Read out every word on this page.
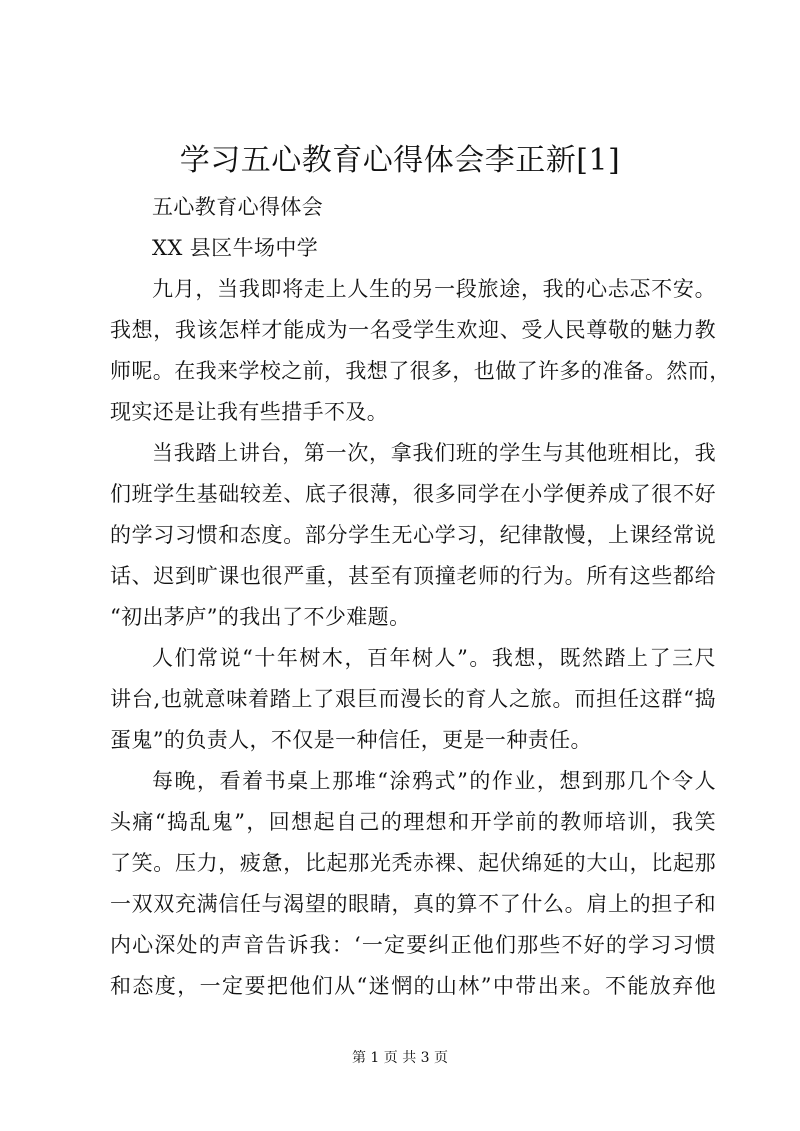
学习五心教育心得体会李正新[1]
五心教育心得体会
XX 县区牛场中学
九月，当我即将走上人生的另一段旅途，我的心忐忑不安。
我想，我该怎样才能成为一名受学生欢迎、受人民尊敬的魅力教
师呢。在我来学校之前，我想了很多，也做了许多的准备。然而，
现实还是让我有些措手不及。
当我踏上讲台，第一次，拿我们班的学生与其他班相比，我
们班学生基础较差、底子很薄，很多同学在小学便养成了很不好
的学习习惯和态度。部分学生无心学习，纪律散慢，上课经常说
话、迟到旷课也很严重，甚至有顶撞老师的行为。所有这些都给
“初出茅庐”的我出了不少难题。
人们常说“十年树木，百年树人”。我想，既然踏上了三尺
讲台,也就意味着踏上了艰巨而漫长的育人之旅。而担任这群“捣
蛋鬼”的负责人，不仅是一种信任，更是一种责任。
每晚，看着书桌上那堆“涂鸦式”的作业，想到那几个令人
头痛“捣乱鬼”，回想起自己的理想和开学前的教师培训，我笑
了笑。压力，疲惫，比起那光秃赤裸、起伏绵延的大山，比起那
一双双充满信任与渴望的眼睛，真的算不了什么。肩上的担子和
内心深处的声音告诉我：‘一定要纠正他们那些不好的学习习惯
和态度，一定要把他们从“迷惘的山林”中带出来。不能放弃他
第 1 页 共 3 页
